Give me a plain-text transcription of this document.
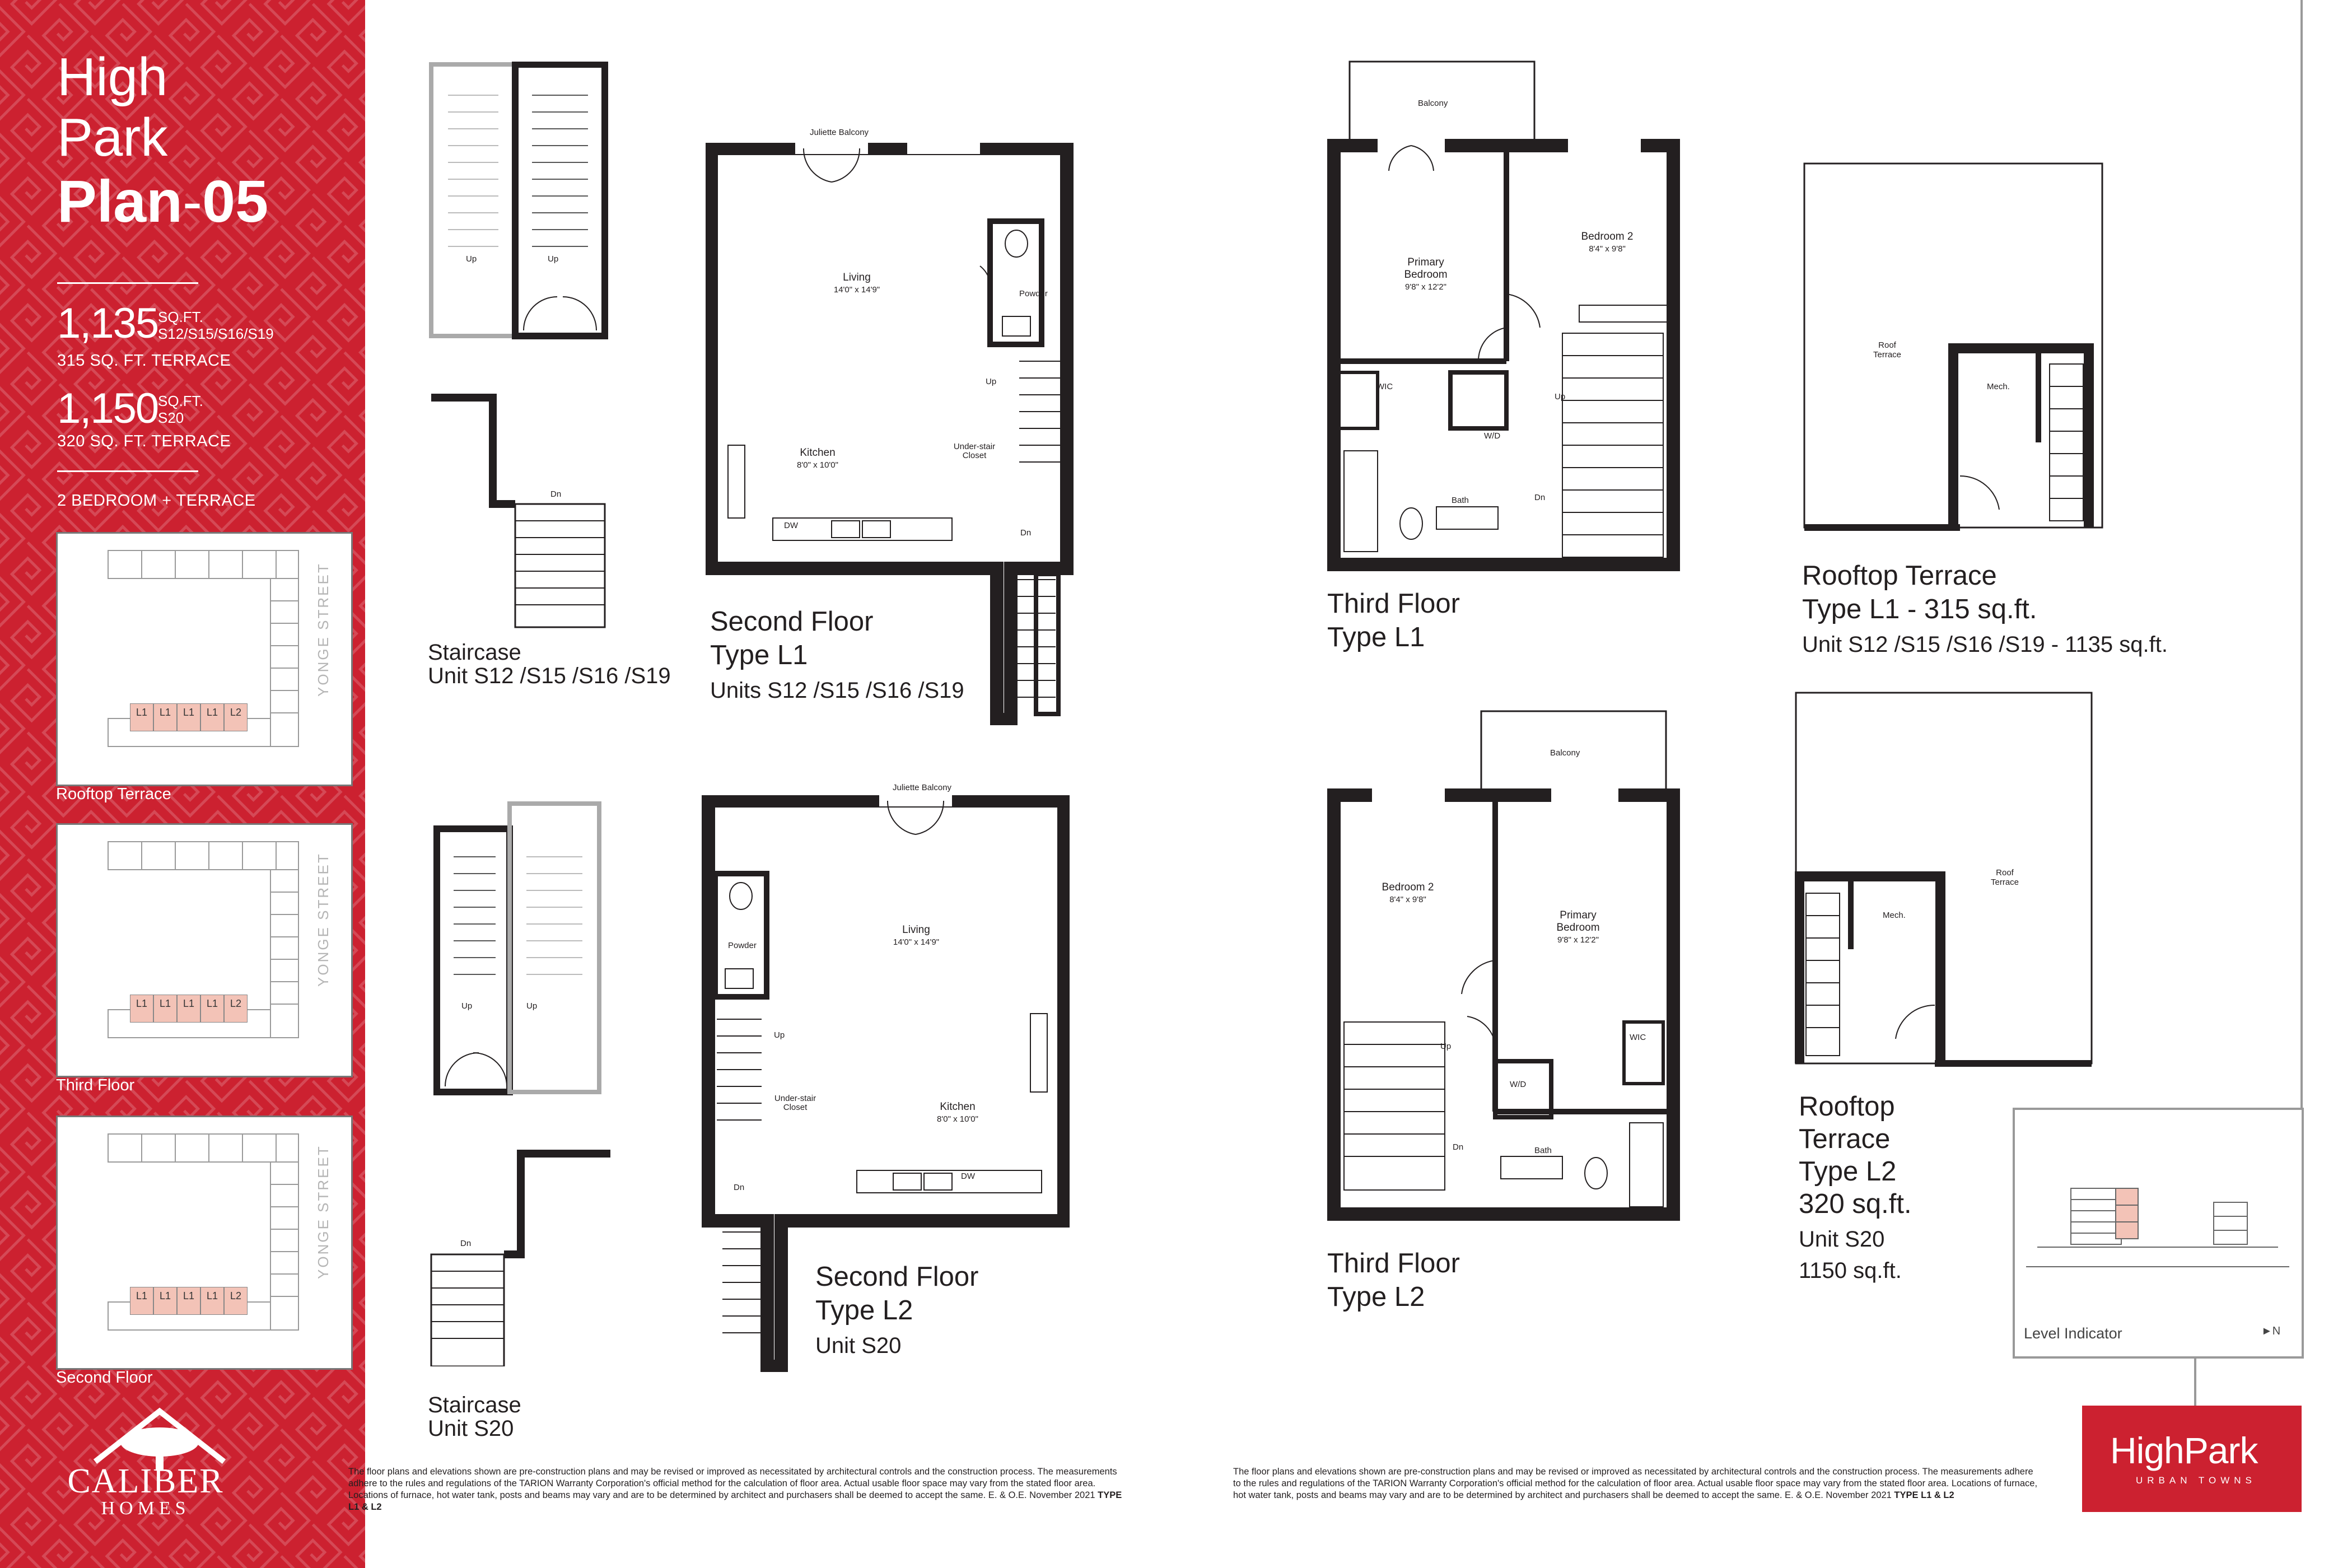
High
Park
Plan-05
1,135 SQ.FT.
S12/S15/S16/S19
315 SQ. FT. TERRACE
1,150 SQ.FT.
S20
320 SQ. FT. TERRACE
2 BEDROOM + TERRACE
Rooftop Terrace
Third Floor
Second Floor
CALIBER
HOMES
YONGE STREET
YONGE STREET
YONGE STREET
L1	L1	L1	L1	L2
L1	L1	L1	L1	L2
L1	L1	L1	L1	L2
Up	Up
Dn
Staircase
Unit S12 /S15 /S16 /S19
Up	Up
Dn
Staircase
Unit S20
Juliette Balcony
Living
14'0" x 14'9"
Kitchen
8'0" x 10'0"
Powder
Up
Dn
DW
Under-stair
Closet
Second Floor
Type L1
Units S12 /S15 /S16 /S19
Juliette Balcony
Living
14'0" x 14'9"
Kitchen
8'0" x 10'0"
Powder
Up
Dn
DW
Under-stair
Closet
Second Floor
Type L2
Unit S20
Balcony
Primary
Bedroom
9'8" x 12'2"
Bedroom 2
8'4" x 9'8"
WIC
W/D
Bath
Up
Dn
Third Floor
Type L1
Balcony
Bedroom 2
8'4" x 9'8"
Primary
Bedroom
9'8" x 12'2"
WIC
W/D
Bath
Up
Dn
Third Floor
Type L2
Roof
Terrace
Mech.
Rooftop Terrace
Type L1 - 315 sq.ft.
Unit S12 /S15 /S16 /S19 - 1135 sq.ft.
Roof
Terrace
Mech.
Rooftop
Terrace
Type L2
320 sq.ft.
Unit S20
1150 sq.ft.
Level Indicator	►N
HighPark
URBAN TOWNS
The floor plans and elevations shown are pre-construction plans and may be revised or improved as necessitated by architectural controls and the construction process. The measurements adhere to the rules and regulations of the TARION Warranty Corporation's official method for the calculation of floor area. Actual usable floor space may vary from the stated floor area. Locations of furnace, hot water tank, posts and beams may vary and are to be determined by architect and purchasers shall be deemed to accept the same. E. & O.E. November 2021 TYPE L1 & L2
The floor plans and elevations shown are pre-construction plans and may be revised or improved as necessitated by architectural controls and the construction process. The measurements adhere to the rules and regulations of the TARION Warranty Corporation's official method for the calculation of floor area. Actual usable floor space may vary from the stated floor area. Locations of furnace, hot water tank, posts and beams may vary and are to be determined by architect and purchasers shall be deemed to accept the same. E. & O.E. November 2021 TYPE L1 & L2
